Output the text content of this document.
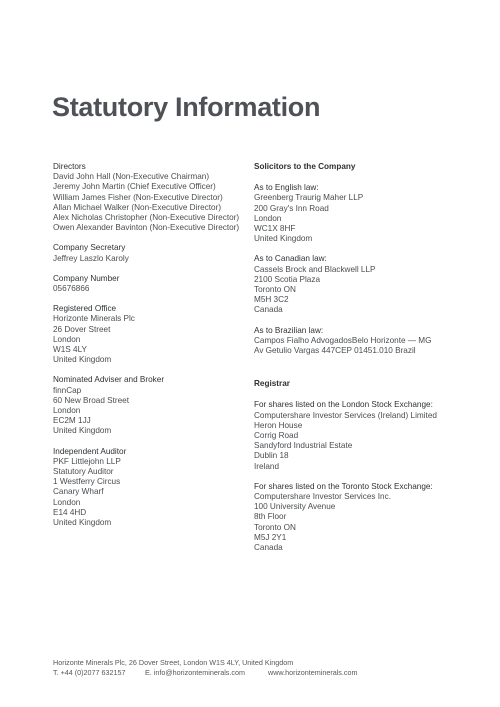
Statutory Information
Directors
David John Hall (Non-Executive Chairman)
Jeremy John Martin (Chief Executive Officer)
William James Fisher (Non-Executive Director)
Allan Michael Walker (Non-Executive Director)
Alex Nicholas Christopher (Non-Executive Director)
Owen Alexander Bavinton (Non-Executive Director)
Company Secretary
Jeffrey Laszlo Karoly
Company Number
05676866
Registered Office
Horizonte Minerals Plc
26 Dover Street
London
W1S 4LY
United Kingdom
Nominated Adviser and Broker
finnCap
60 New Broad Street
London
EC2M 1JJ
United Kingdom
Independent Auditor
PKF Littlejohn LLP
Statutory Auditor
1 Westferry Circus
Canary Wharf
London
E14 4HD
United Kingdom
Solicitors to the Company
As to English law:
Greenberg Traurig Maher LLP
200 Gray's Inn Road
London
WC1X 8HF
United Kingdom
As to Canadian law:
Cassels Brock and Blackwell LLP
2100 Scotia Plaza
Toronto ON
M5H 3C2
Canada
As to Brazilian law:
Campos Fialho AdvogadosBelo Horizonte — MG
Av Getulio Vargas 447CEP 01451.010 Brazil
Registrar
For shares listed on the London Stock Exchange:
Computershare Investor Services (Ireland) Limited
Heron House
Corrig Road
Sandyford Industrial Estate
Dublin 18
Ireland
For shares listed on the Toronto Stock Exchange:
Computershare Investor Services Inc.
100 University Avenue
8th Floor
Toronto ON
M5J 2Y1
Canada
Horizonte Minerals Plc, 26 Dover Street, London W1S 4LY, United Kingdom
T. +44 (0)2077 632157	E. info@horizonteminerals.com	www.horizonteminerals.com
